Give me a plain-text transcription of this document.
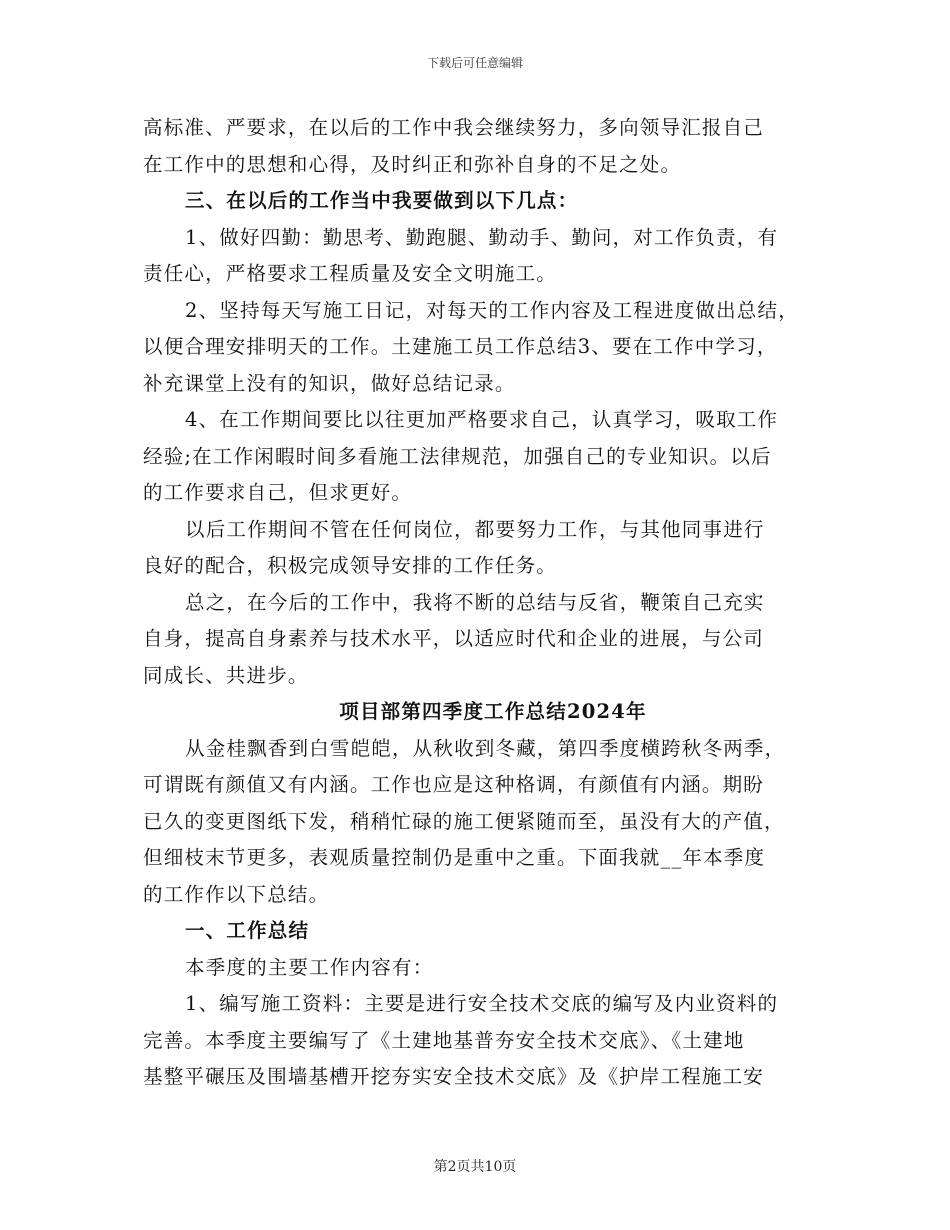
下载后可任意编辑
高标准、严要求，在以后的工作中我会继续努力，多向领导汇报自己
在工作中的思想和心得，及时纠正和弥补自身的不足之处。
三、在以后的工作当中我要做到以下几点：
1、做好四勤：勤思考、勤跑腿、勤动手、勤问，对工作负责，有
责任心，严格要求工程质量及安全文明施工。
2、坚持每天写施工日记，对每天的工作内容及工程进度做出总结，
以便合理安排明天的工作。土建施工员工作总结3、要在工作中学习，
补充课堂上没有的知识，做好总结记录。
4、在工作期间要比以往更加严格要求自己，认真学习，吸取工作
经验;在工作闲暇时间多看施工法律规范，加强自己的专业知识。以后
的工作要求自己，但求更好。
以后工作期间不管在任何岗位，都要努力工作，与其他同事进行
良好的配合，积极完成领导安排的工作任务。
总之，在今后的工作中，我将不断的总结与反省，鞭策自己充实
自身，提高自身素养与技术水平，以适应时代和企业的进展，与公司
同成长、共进步。
项目部第四季度工作总结2024年
从金桂飘香到白雪皑皑，从秋收到冬藏，第四季度横跨秋冬两季，
可谓既有颜值又有内涵。工作也应是这种格调，有颜值有内涵。期盼
已久的变更图纸下发，稍稍忙碌的施工便紧随而至，虽没有大的产值，
但细枝末节更多，表观质量控制仍是重中之重。下面我就__年本季度
的工作作以下总结。
一、工作总结
本季度的主要工作内容有：
1、编写施工资料：主要是进行安全技术交底的编写及内业资料的
完善。本季度主要编写了《土建地基普夯安全技术交底》、《土建地
基整平碾压及围墙基槽开挖夯实安全技术交底》及《护岸工程施工安
第2页共10页
